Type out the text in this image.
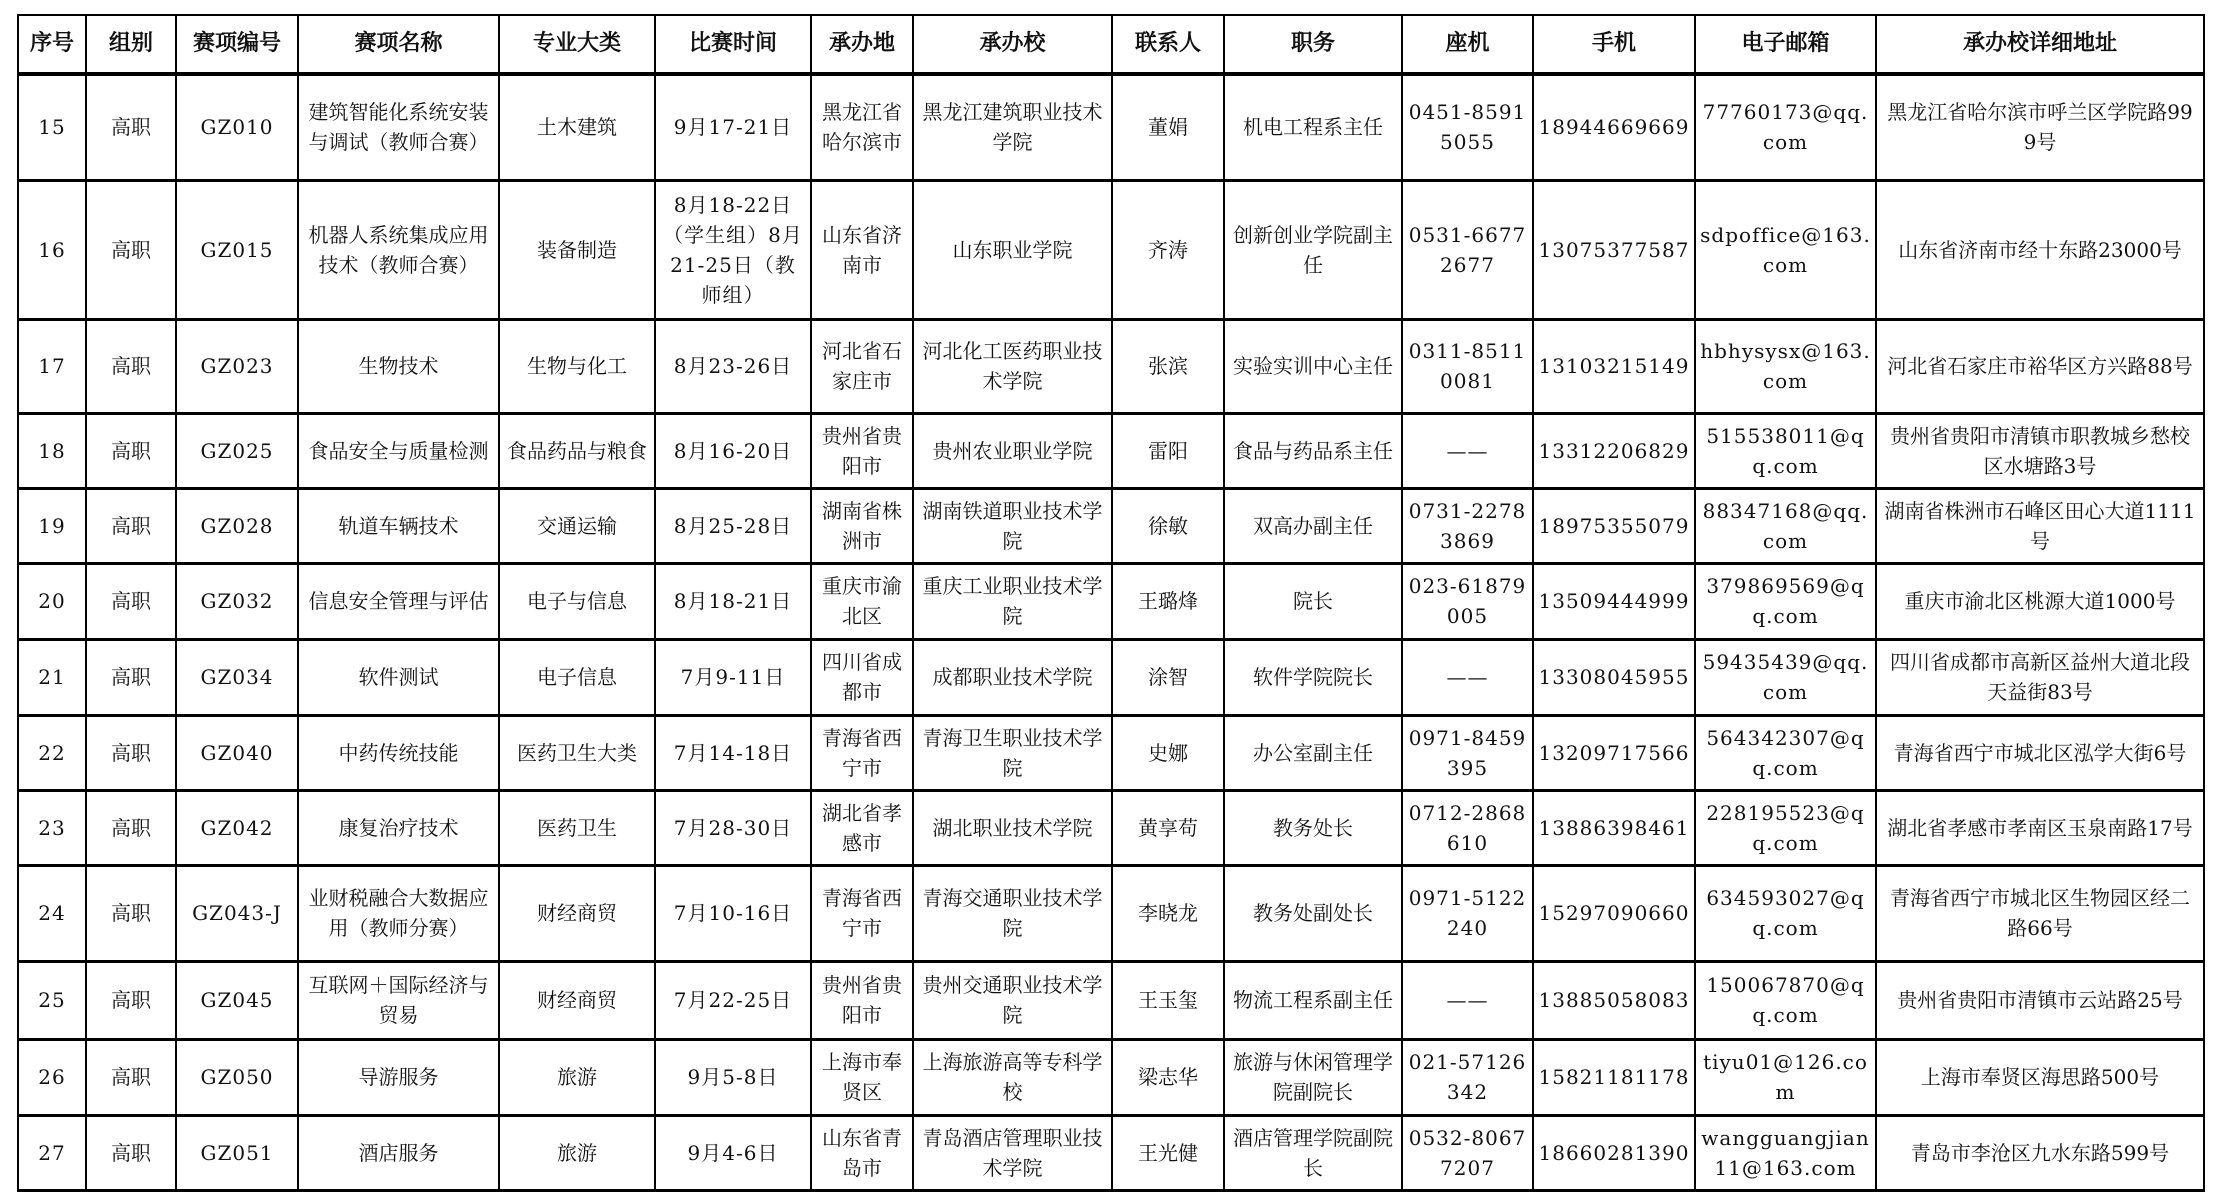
序号	组别	赛项编号	赛项名称	专业大类	比赛时间	承办地	承办校	联系人	职务	座机	手机	电子邮箱	承办校详细地址
15	高职	GZ010	建筑智能化系统安装与调试（教师合赛）	土木建筑	9月17-21日	黑龙江省哈尔滨市	黑龙江建筑职业技术学院	董娟	机电工程系主任	0451-85915055	18944669669	77760173@qq.com	黑龙江省哈尔滨市呼兰区学院路999号
16	高职	GZ015	机器人系统集成应用技术（教师合赛）	装备制造	8月18-22日（学生组）8月21-25日（教师组）	山东省济南市	山东职业学院	齐涛	创新创业学院副主任	0531-66772677	13075377587	sdpoffice@163.com	山东省济南市经十东路23000号
17	高职	GZ023	生物技术	生物与化工	8月23-26日	河北省石家庄市	河北化工医药职业技术学院	张滨	实验实训中心主任	0311-85110081	13103215149	hbhysysx@163.com	河北省石家庄市裕华区方兴路88号
18	高职	GZ025	食品安全与质量检测	食品药品与粮食	8月16-20日	贵州省贵阳市	贵州农业职业学院	雷阳	食品与药品系主任	——	13312206829	515538011@qq.com	贵州省贵阳市清镇市职教城乡愁校区水塘路3号
19	高职	GZ028	轨道车辆技术	交通运输	8月25-28日	湖南省株洲市	湖南铁道职业技术学院	徐敏	双高办副主任	0731-22783869	18975355079	88347168@qq.com	湖南省株洲市石峰区田心大道1111号
20	高职	GZ032	信息安全管理与评估	电子与信息	8月18-21日	重庆市渝北区	重庆工业职业技术学院	王璐烽	院长	023-61879005	13509444999	379869569@qq.com	重庆市渝北区桃源大道1000号
21	高职	GZ034	软件测试	电子信息	7月9-11日	四川省成都市	成都职业技术学院	涂智	软件学院院长	——	13308045955	59435439@qq.com	四川省成都市高新区益州大道北段天益街83号
22	高职	GZ040	中药传统技能	医药卫生大类	7月14-18日	青海省西宁市	青海卫生职业技术学院	史娜	办公室副主任	0971-8459395	13209717566	564342307@qq.com	青海省西宁市城北区泓学大街6号
23	高职	GZ042	康复治疗技术	医药卫生	7月28-30日	湖北省孝感市	湖北职业技术学院	黄享苟	教务处长	0712-2868610	13886398461	228195523@qq.com	湖北省孝感市孝南区玉泉南路17号
24	高职	GZ043-J	业财税融合大数据应用（教师分赛）	财经商贸	7月10-16日	青海省西宁市	青海交通职业技术学院	李晓龙	教务处副处长	0971-5122240	15297090660	634593027@qq.com	青海省西宁市城北区生物园区经二路66号
25	高职	GZ045	互联网＋国际经济与贸易	财经商贸	7月22-25日	贵州省贵阳市	贵州交通职业技术学院	王玉玺	物流工程系副主任	——	13885058083	150067870@qq.com	贵州省贵阳市清镇市云站路25号
26	高职	GZ050	导游服务	旅游	9月5-8日	上海市奉贤区	上海旅游高等专科学校	梁志华	旅游与休闲管理学院副院长	021-57126342	15821181178	tiyu01@126.com	上海市奉贤区海思路500号
27	高职	GZ051	酒店服务	旅游	9月4-6日	山东省青岛市	青岛酒店管理职业技术学院	王光健	酒店管理学院副院长	0532-80677207	18660281390	wangguangjian11@163.com	青岛市李沧区九水东路599号
